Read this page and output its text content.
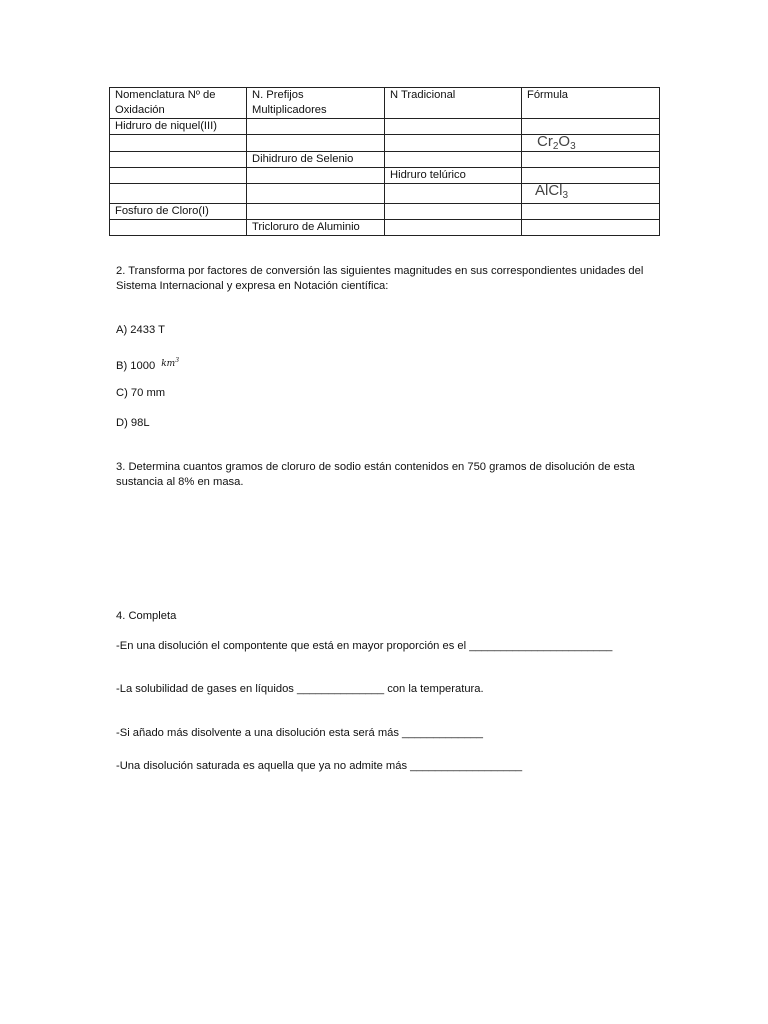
Nomenclatura Nº de Oxidación	N. Prefijos Multiplicadores	N Tradicional	Fórmula
Hidruro de niquel(III)			
			$Cr_2O_3$
	Dihidruro de Selenio		
		Hidruro telúrico	
			AlCl$_3$
Fosfuro de Cloro(I)			
	Tricloruro de Aluminio		
2. Transforma por factores de conversión las siguientes magnitudes en sus correspondientes unidades del Sistema Internacional y expresa en Notación científica:
A) 2433 T
B) 1000 $^{km^3}$
C) 70 mm
D) 98L
3. Determina cuantos gramos de cloruro de sodio están contenidos en 750 gramos de disolución de esta sustancia al 8% en masa.
4. Completa
-En una disolución el compontente que está en mayor proporción es el _______________________
-La solubilidad de gases en líquidos ______________ con la temperatura.
-Si añado más disolvente a una disolución esta será más _____________
-Una disolución saturada es aquella que ya no admite más __________________
